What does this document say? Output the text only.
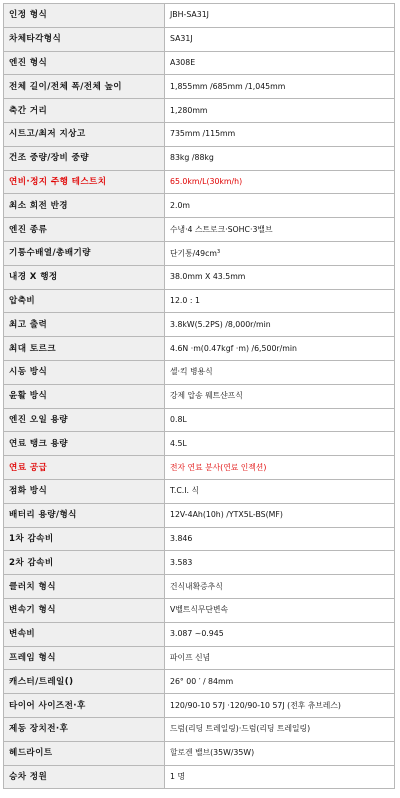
인정 형식	JBH-SA31J
차체타각형식	SA31J
엔진 형식	A308E
전체 길이/전체 폭/전체 높이	1,855mm /685mm /1,045mm
축간 거리	1,280mm
시트고/최저 지상고	735mm /115mm
건조 중량/장비 중량	83kg /88kg
연비·정지 주행 테스트치	65.0km/L(30km/h)
최소 회전 반경	2.0m
엔진 종류	수냉·4 스트로크·SOHC·3밸브
기통수배열/총배기량	단기통$/49cm^3$
내경 X 행정	38.0mm X 43.5mm
압축비	12.0 : 1
최고 출력	3.8kW(5.2PS) /8,000r/min
최대 토르크	4.6N ·m(0.47kgf ·m) /6,500r/min
시동 방식	셀·킥 병용식
윤활 방식	강제 압송 웨트샨프식
엔진 오일 용량	0.8L
연료 탱크 용량	4.5L
연료 공급	전자 연료 분사(연료 인젝션)
점화 방식	T.C.I. 식
배터리 용량/형식	12V-4Ah(10h) /YTX5L-BS(MF)
1차 감속비	3.846
2차 감속비	3.583
클러치 형식	건식내확증추식
변속기 형식	V벨트식무단변속
변속비	3.087 ~0.945
프레임 형식	파이프 신념
캐스터/트레일()	26° 00 ′ / 84mm
타이어 사이즈전·후	120/90-10 57J ·120/90-10 57J (전후 츄브레스)
제동 장치전·후	드럼(리딩 트레일링)·드럼(리딩 트레일링)
헤드라이트	할로겐 밸브(35W/35W)
승차 정원	1 명
